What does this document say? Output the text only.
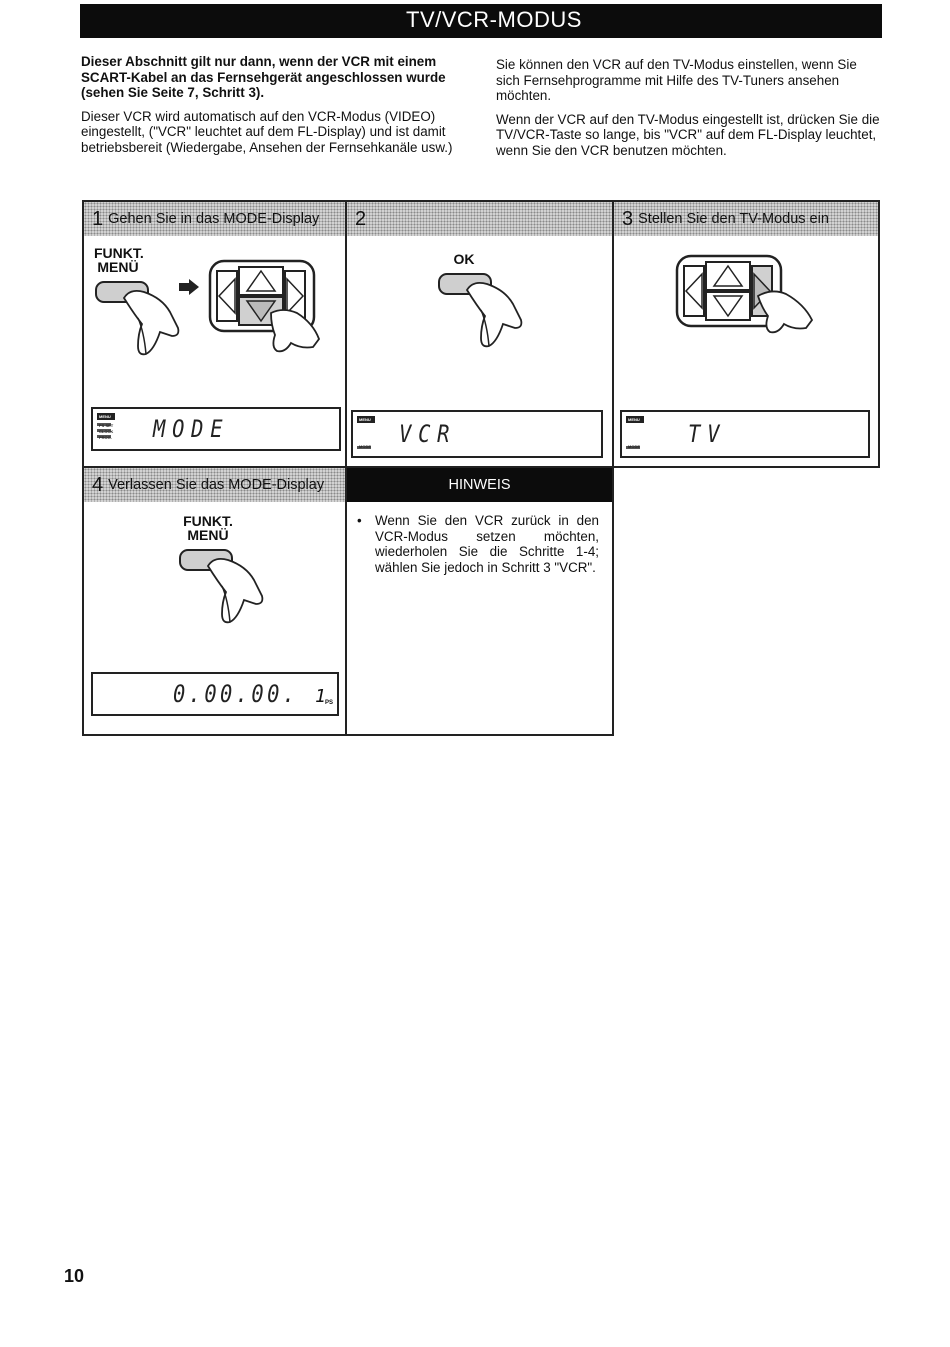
TV/VCR-MODUS

Dieser Abschnitt gilt nur dann, wenn der VCR mit einem SCART-Kabel an das Fernsehgerät angeschlossen wurde (sehen Sie Seite 7, Schritt 3).

Dieser VCR wird automatisch auf den VCR-Modus (VIDEO) eingestellt, ("VCR" leuchtet auf dem FL-Display) und ist damit betriebsbereit (Wiedergabe, Ansehen der Fernsehkanäle usw.)

Sie können den VCR auf den TV-Modus einstellen, wenn Sie sich Fernsehprogramme mit Hilfe des TV-Tuners ansehen möchten.

Wenn der VCR auf den TV-Modus eingestellt ist, drücken Sie die TV/VCR-Taste so lange, bis "VCR" auf dem FL-Display leuchtet, wenn Sie den VCR benutzen möchten.

1 Gehen Sie in das MODE-Display	2	3 Stellen Sie den TV-Modus ein
4 Verlassen Sie das MODE-Display	HINWEIS
• Wenn Sie den VCR zurück in den VCR-Modus setzen möchten, wiederholen Sie die Schritte 1-4; wählen Sie jedoch in Schritt 3 "VCR".
FUNKT.
MENÜ
MODE
MENU
PS SET
CLOCK
PROG.
OK
VCR
MENU
MODE	TV
MENU
MODE
FUNKT.
MENÜ
0.00.00. 1 PS
10
